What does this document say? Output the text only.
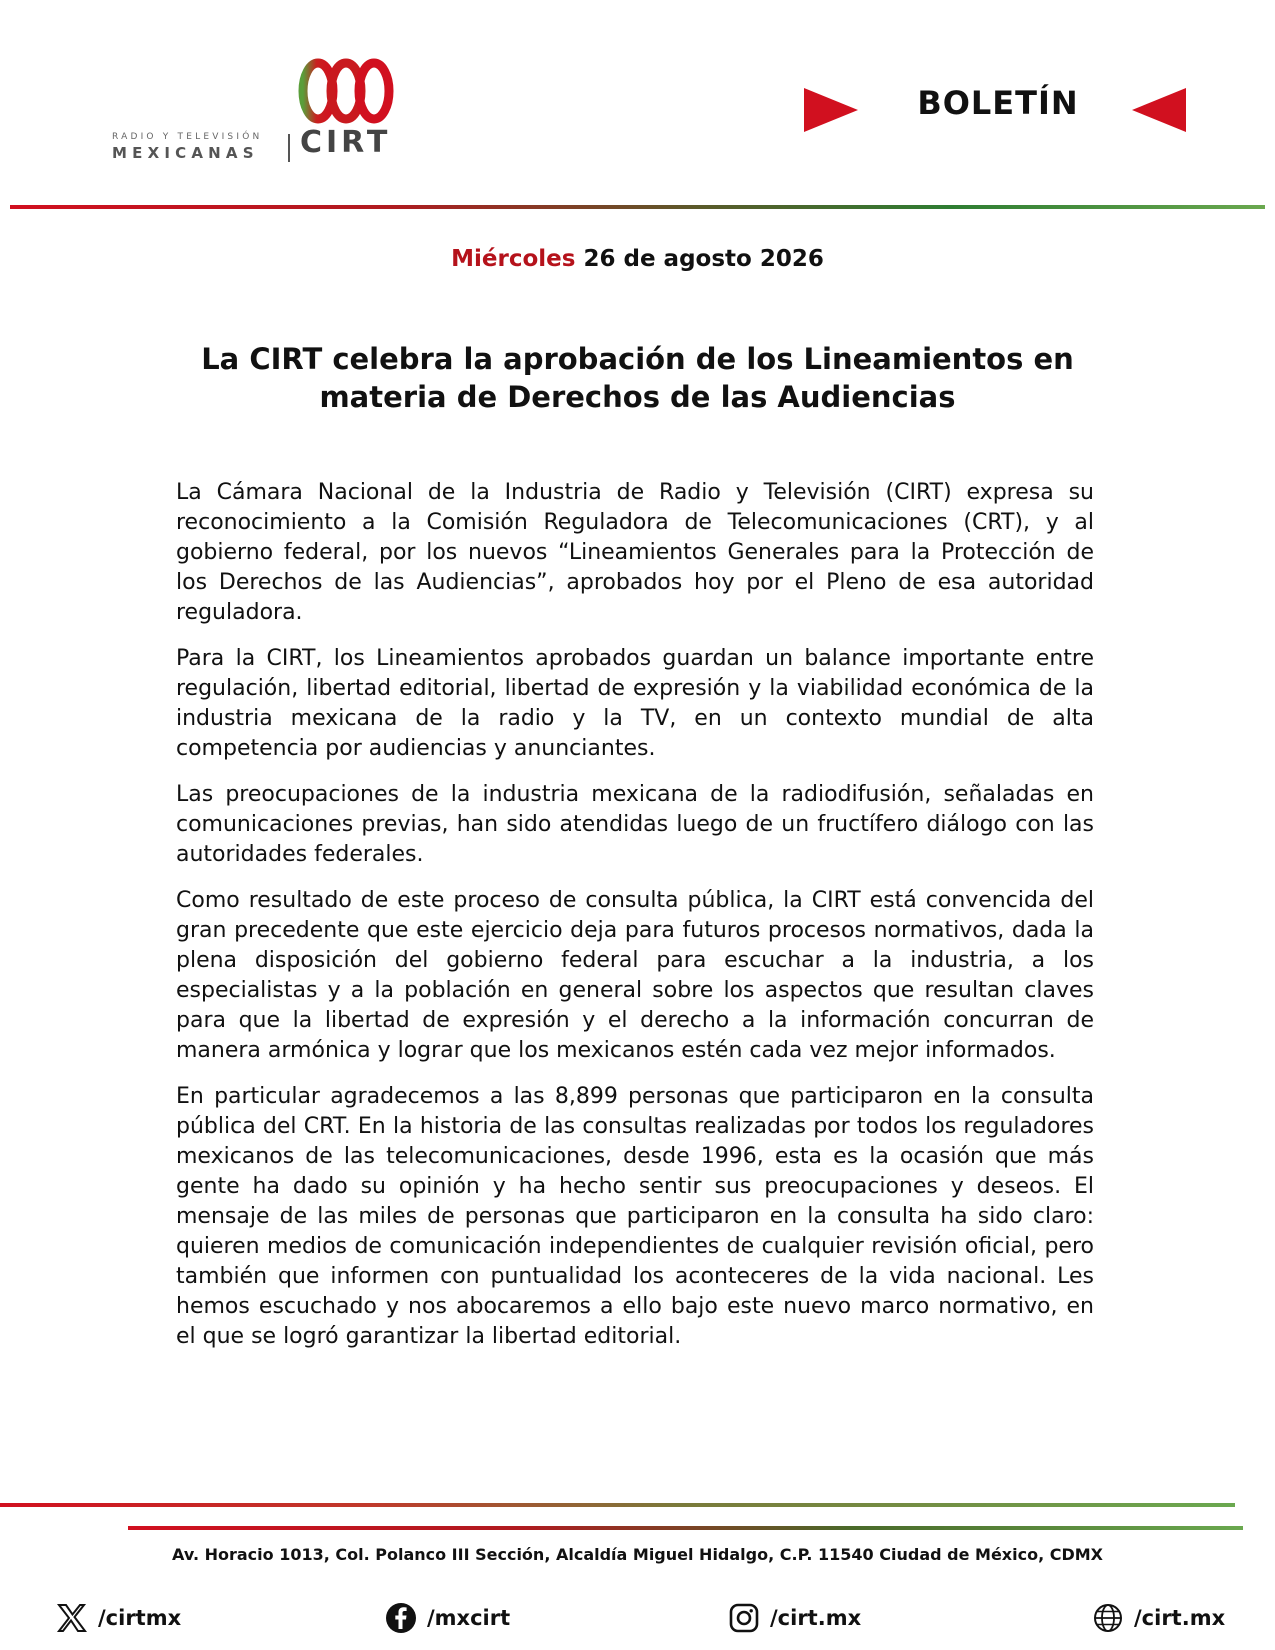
RADIO Y TELEVISIÓN
MEXICANAS CIRT
BOLETÍN
Miércoles 26 de agosto 2026
La CIRT celebra la aprobación de los Lineamientos en materia de Derechos de las Audiencias

La Cámara Nacional de la Industria de Radio y Televisión (CIRT) expresa su reconocimiento a la Comisión Reguladora de Telecomunicaciones (CRT), y al gobierno federal, por los nuevos “Lineamientos Generales para la Protección de los Derechos de las Audiencias”, aprobados hoy por el Pleno de esa autoridad reguladora.

Para la CIRT, los Lineamientos aprobados guardan un balance importante entre regulación, libertad editorial, libertad de expresión y la viabilidad económica de la industria mexicana de la radio y la TV, en un contexto mundial de alta competencia por audiencias y anunciantes.

Las preocupaciones de la industria mexicana de la radiodifusión, señaladas en comunicaciones previas, han sido atendidas luego de un fructífero diálogo con las autoridades federales.

Como resultado de este proceso de consulta pública, la CIRT está convencida del gran precedente que este ejercicio deja para futuros procesos normativos, dada la plena disposición del gobierno federal para escuchar a la industria, a los especialistas y a la población en general sobre los aspectos que resultan claves para que la libertad de expresión y el derecho a la información concurran de manera armónica y lograr que los mexicanos estén cada vez mejor informados.

En particular agradecemos a las 8,899 personas que participaron en la consulta pública del CRT. En la historia de las consultas realizadas por todos los reguladores mexicanos de las telecomunicaciones, desde 1996, esta es la ocasión que más gente ha dado su opinión y ha hecho sentir sus preocupaciones y deseos. El mensaje de las miles de personas que participaron en la consulta ha sido claro: quieren medios de comunicación independientes de cualquier revisión oficial, pero también que informen con puntualidad los aconteceres de la vida nacional. Les hemos escuchado y nos abocaremos a ello bajo este nuevo marco normativo, en el que se logró garantizar la libertad editorial.

Av. Horacio 1013, Col. Polanco III Sección, Alcaldía Miguel Hidalgo, C.P. 11540 Ciudad de México, CDMX
/cirtmx	/mxcirt	/cirt.mx	/cirt.mx
